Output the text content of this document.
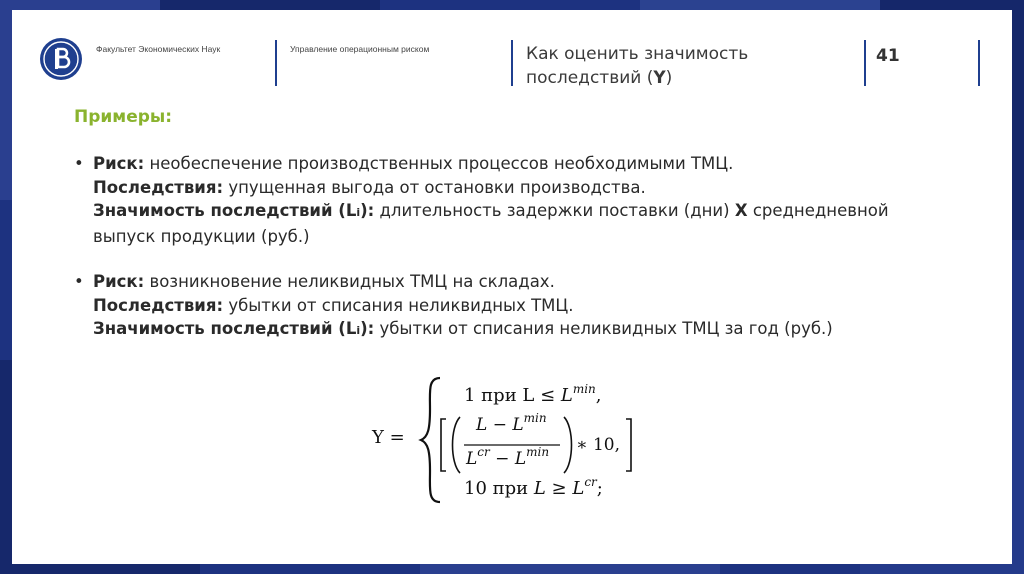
Факультет Экономических Наук	Управление операционным риском	Как оценить значимость
последствий (Y)
41
Примеры:
• Риск: необеспечение производственных процессов необходимыми ТМЦ.
Последствия: упущенная выгода от остановки производства.
Значимость последствий (Li): длительность задержки поставки (дни) X среднедневной
выпуск продукции (руб.)
• Риск: возникновение неликвидных ТМЦ на складах.
Последствия: убытки от списания неликвидных ТМЦ.
Значимость последствий (Li): убытки от списания неликвидных ТМЦ за год (руб.)
Y =
1 при $L \le L^{min}$,
$L - L^{min}$
$L^{cr} - L^{min}$ ∗ 10,
10 при $L \ge L^{cr}$;
